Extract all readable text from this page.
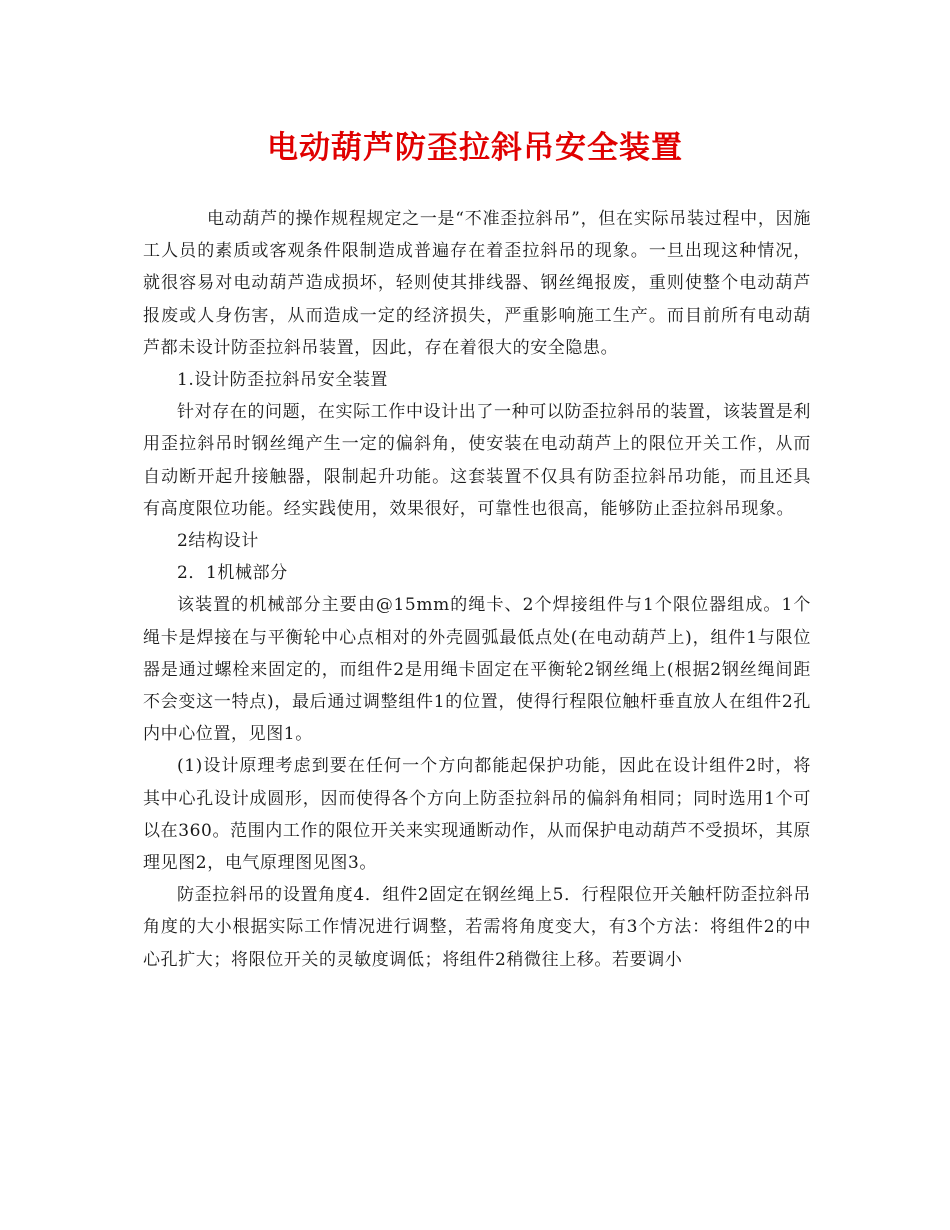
电动葫芦防歪拉斜吊安全装置

电动葫芦的操作规程规定之一是“不准歪拉斜吊”，但在实际吊装过程中，因施工人员的素质或客观条件限制造成普遍存在着歪拉斜吊的现象。一旦出现这种情况，就很容易对电动葫芦造成损坏，轻则使其排线器、钢丝绳报废，重则使整个电动葫芦报废或人身伤害，从而造成一定的经济损失，严重影响施工生产。而目前所有电动葫芦都未设计防歪拉斜吊装置，因此，存在着很大的安全隐患。

1.设计防歪拉斜吊安全装置

针对存在的问题，在实际工作中设计出了一种可以防歪拉斜吊的装置，该装置是利用歪拉斜吊时钢丝绳产生一定的偏斜角，使安装在电动葫芦上的限位开关工作，从而自动断开起升接触器，限制起升功能。这套装置不仅具有防歪拉斜吊功能，而且还具有高度限位功能。经实践使用，效果很好，可靠性也很高，能够防止歪拉斜吊现象。

2结构设计

2．1机械部分

该装置的机械部分主要由@15mm的绳卡、2个焊接组件与1个限位器组成。1个绳卡是焊接在与平衡轮中心点相对的外壳圆弧最低点处(在电动葫芦上)，组件1与限位器是通过螺栓来固定的，而组件2是用绳卡固定在平衡轮2钢丝绳上(根据2钢丝绳间距不会变这一特点)，最后通过调整组件1的位置，使得行程限位触杆垂直放人在组件2孔内中心位置，见图1。

(1)设计原理考虑到要在任何一个方向都能起保护功能，因此在设计组件2时，将其中心孔设计成圆形，因而使得各个方向上防歪拉斜吊的偏斜角相同；同时选用1个可以在360。范围内工作的限位开关来实现通断动作，从而保护电动葫芦不受损坏，其原理见图2，电气原理图见图3。

防歪拉斜吊的设置角度4．组件2固定在钢丝绳上5．行程限位开关触杆防歪拉斜吊角度的大小根据实际工作情况进行调整，若需将角度变大，有3个方法：将组件2的中心孔扩大；将限位开关的灵敏度调低；将组件2稍微往上移。若要调小
